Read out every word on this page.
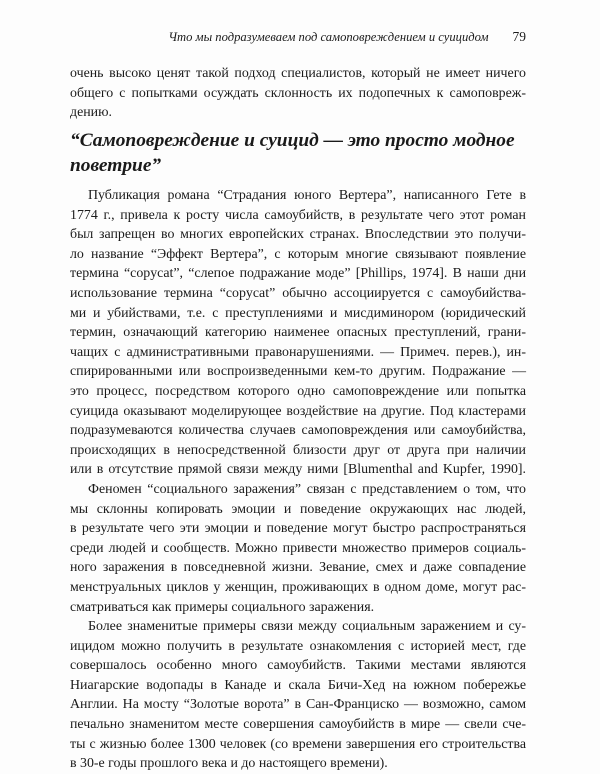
Что мы подразумеваем под самоповреждением и суицидом 79

очень высоко ценят такой подход специалистов, который не имеет ничего
общего с попытками осуждать склонность их подопечных к самоповреж-
дению.

“Самоповреждение и суицид — это просто модное
поветрие”

Публикация романа “Страдания юного Вертера”, написанного Гете в
1774 г., привела к росту числа самоубийств, в результате чего этот роман
был запрещен во многих европейских странах. Впоследствии это получи-
ло название “Эффект Вертера”, с которым многие связывают появление
термина “copycat”, “слепое подражание моде” [Phillips, 1974]. В наши дни
использование термина “copycat” обычно ассоциируется с самоубийства-
ми и убийствами, т.е. с преступлениями и мисдиминором (юридический
термин, означающий категорию наименее опасных преступлений, грани-
чащих с административными правонарушениями. — Примеч. перев.), ин-
спирированными или воспроизведенными кем-то другим. Подражание —
это процесс, посредством которого одно самоповреждение или попытка
суицида оказывают моделирующее воздействие на другие. Под кластерами
подразумеваются количества случаев самоповреждения или самоубийства,
происходящих в непосредственной близости друг от друга при наличии
или в отсутствие прямой связи между ними [Blumenthal and Kupfer, 1990].

Феномен “социального заражения” связан с представлением о том, что
мы склонны копировать эмоции и поведение окружающих нас людей,
в результате чего эти эмоции и поведение могут быстро распространяться
среди людей и сообществ. Можно привести множество примеров социаль-
ного заражения в повседневной жизни. Зевание, смех и даже совпадение
менструальных циклов у женщин, проживающих в одном доме, могут рас-
сматриваться как примеры социального заражения.

Более знаменитые примеры связи между социальным заражением и су-
ицидом можно получить в результате ознакомления с историей мест, где
совершалось особенно много самоубийств. Такими местами являются
Ниагарские водопады в Канаде и скала Бичи-Хед на южном побережье
Англии. На мосту “Золотые ворота” в Сан-Франциско — возможно, самом
печально знаменитом месте совершения самоубийств в мире — свели сче-
ты с жизнью более 1300 человек (со времени завершения его строительства
в 30-е годы прошлого века и до настоящего времени).
